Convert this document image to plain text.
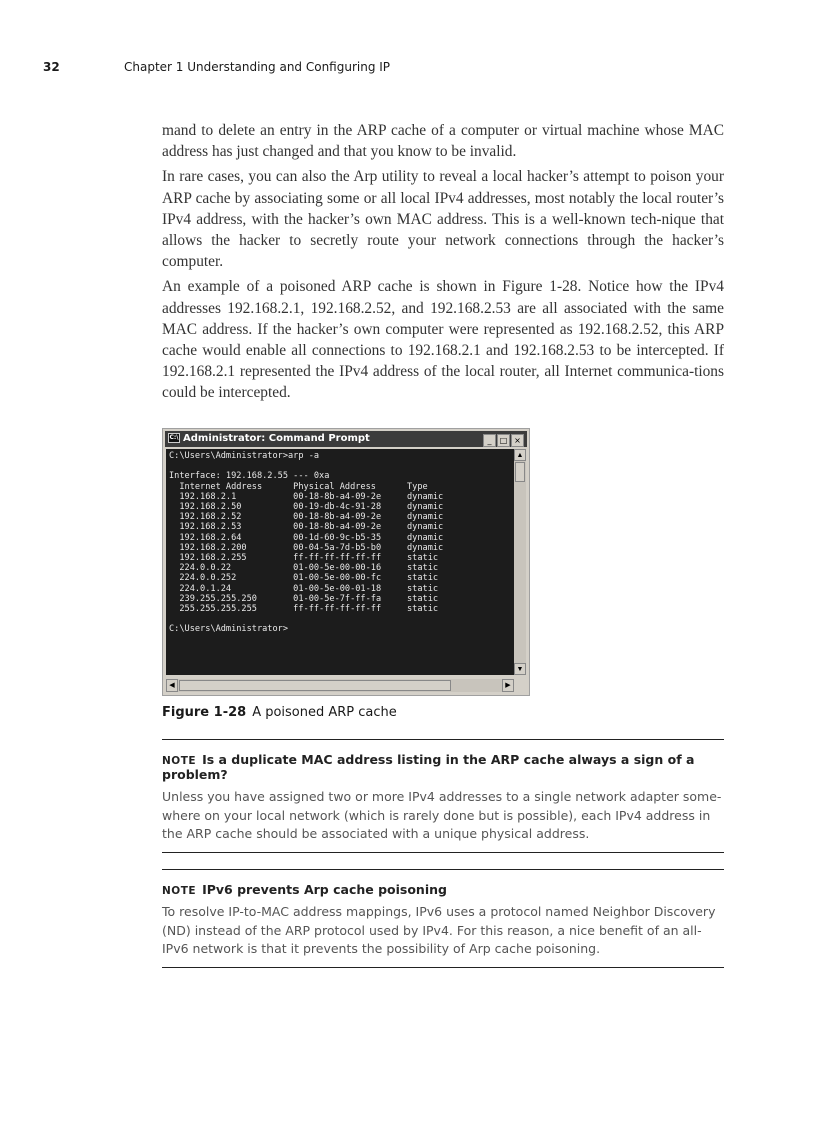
32	Chapter 1 Understanding and Configuring IP

mand to delete an entry in the ARP cache of a computer or virtual machine whose MAC address has just changed and that you know to be invalid.

In rare cases, you can also the Arp utility to reveal a local hacker’s attempt to poison your ARP cache by associating some or all local IPv4 addresses, most notably the local router’s IPv4 address, with the hacker’s own MAC address. This is a well-known tech-nique that allows the hacker to secretly route your network connections through the hacker’s computer.

An example of a poisoned ARP cache is shown in Figure 1-28. Notice how the IPv4 addresses 192.168.2.1, 192.168.2.52, and 192.168.2.53 are all associated with the same MAC address. If the hacker’s own computer were represented as 192.168.2.52, this ARP cache would enable all connections to 192.168.2.1 and 192.168.2.53 to be intercepted. If 192.168.2.1 represented the IPv4 address of the local router, all Internet communica-tions could be intercepted.

C:\ Administrator: Command Prompt	_ □ ×
C:\Users\Administrator>arp -a

Interface: 192.168.2.55 --- 0xa
Internet Address      Physical Address      Type
192.168.2.1           00-18-8b-a4-09-2e     dynamic
192.168.2.50          00-19-db-4c-91-28     dynamic
192.168.2.52          00-18-8b-a4-09-2e     dynamic
192.168.2.53          00-18-8b-a4-09-2e     dynamic
192.168.2.64          00-1d-60-9c-b5-35     dynamic
192.168.2.200         00-04-5a-7d-b5-b0     dynamic
192.168.2.255         ff-ff-ff-ff-ff-ff     static
224.0.0.22            01-00-5e-00-00-16     static
224.0.0.252           01-00-5e-00-00-fc     static
224.0.1.24            01-00-5e-00-01-18     static
239.255.255.250       01-00-5e-7f-ff-fa     static
255.255.255.255       ff-ff-ff-ff-ff-ff     static

C:\Users\Administrator>
▲
▼
◀	▶
Figure 1-28 A poisoned ARP cache
NOTE Is a duplicate MAC address listing in the ARP cache always a sign of a problem?

Unless you have assigned two or more IPv4 addresses to a single network adapter some-where on your local network (which is rarely done but is possible), each IPv4 address in the ARP cache should be associated with a unique physical address.

NOTE IPv6 prevents Arp cache poisoning

To resolve IP-to-MAC address mappings, IPv6 uses a protocol named Neighbor Discovery (ND) instead of the ARP protocol used by IPv4. For this reason, a nice benefit of an all-IPv6 network is that it prevents the possibility of Arp cache poisoning.
